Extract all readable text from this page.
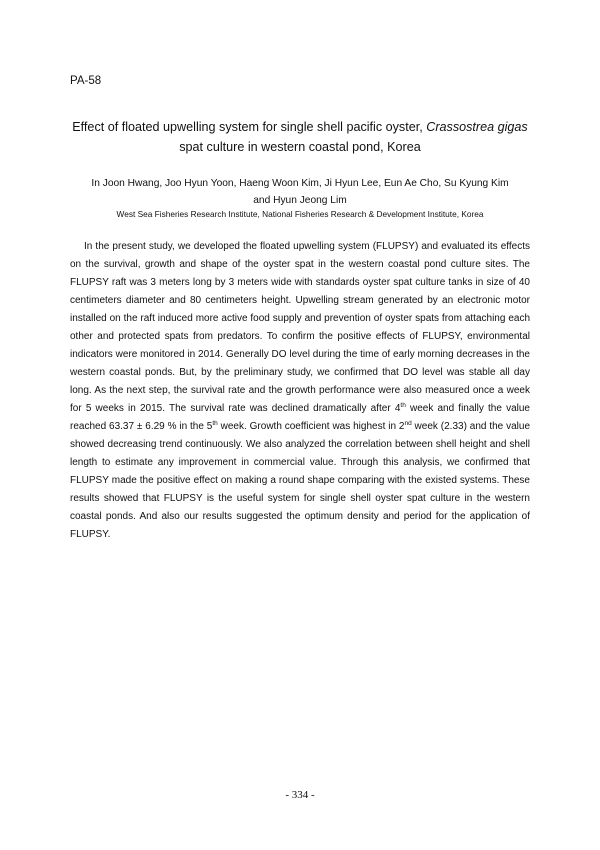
PA-58
Effect of floated upwelling system for single shell pacific oyster, Crassostrea gigas
spat culture in western coastal pond, Korea
In Joon Hwang, Joo Hyun Yoon, Haeng Woon Kim, Ji Hyun Lee, Eun Ae Cho, Su Kyung Kim
and Hyun Jeong Lim
West Sea Fisheries Research Institute, National Fisheries Research & Development Institute, Korea

In the present study, we developed the floated upwelling system (FLUPSY) and evaluated its effects on the survival, growth and shape of the oyster spat in the western coastal pond culture sites. The FLUPSY raft was 3 meters long by 3 meters wide with standards oyster spat culture tanks in size of 40 centimeters diameter and 80 centimeters height. Upwelling stream generated by an electronic motor installed on the raft induced more active food supply and prevention of oyster spats from attaching each other and protected spats from predators. To confirm the positive effects of FLUPSY, environmental indicators were monitored in 2014. Generally DO level during the time of early morning decreases in the western coastal ponds. But, by the preliminary study, we confirmed that DO level was stable all day long. As the next step, the survival rate and the growth performance were also measured once a week for 5 weeks in 2015. The survival rate was declined dramatically after 4th week and finally the value reached 63.37 ± 6.29 % in the 5th week. Growth coefficient was highest in 2nd week (2.33) and the value showed decreasing trend continuously. We also analyzed the correlation between shell height and shell length to estimate any improvement in commercial value. Through this analysis, we confirmed that FLUPSY made the positive effect on making a round shape comparing with the existed systems. These results showed that FLUPSY is the useful system for single shell oyster spat culture in the western coastal ponds. And also our results suggested the optimum density and period for the application of FLUPSY.

- 334 -
